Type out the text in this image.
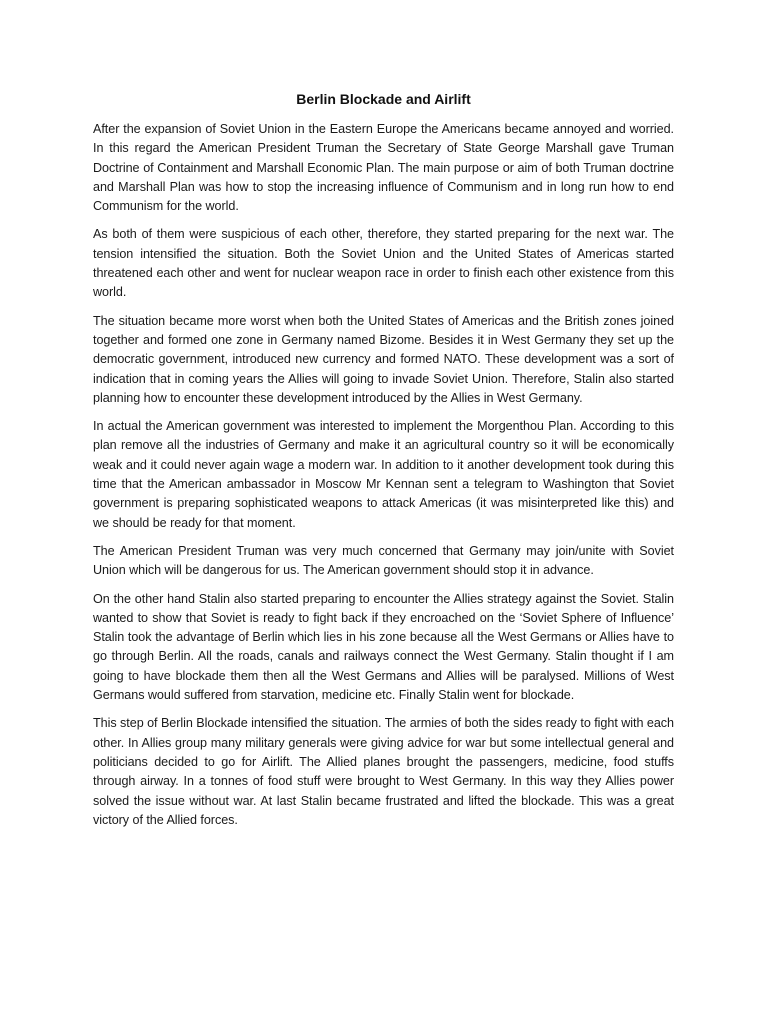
Berlin Blockade and Airlift

After the expansion of Soviet Union in the Eastern Europe the Americans became annoyed and worried. In this regard the American President Truman the Secretary of State George Marshall gave Truman Doctrine of Containment and Marshall Economic Plan. The main purpose or aim of both Truman doctrine and Marshall Plan was how to stop the increasing influence of Communism and in long run how to end Communism for the world.

As both of them were suspicious of each other, therefore, they started preparing for the next war. The tension intensified the situation. Both the Soviet Union and the United States of Americas started threatened each other and went for nuclear weapon race in order to finish each other existence from this world.

The situation became more worst when both the United States of Americas and the British zones joined together and formed one zone in Germany named Bizome. Besides it in West Germany they set up the democratic government, introduced new currency and formed NATO. These development was a sort of indication that in coming years the Allies will going to invade Soviet Union. Therefore, Stalin also started planning how to encounter these development introduced by the Allies in West Germany.

In actual the American government was interested to implement the Morgenthou Plan. According to this plan remove all the industries of Germany and make it an agricultural country so it will be economically weak and it could never again wage a modern war. In addition to it another development took during this time that the American ambassador in Moscow Mr Kennan sent a telegram to Washington that Soviet government is preparing sophisticated weapons to attack Americas (it was misinterpreted like this) and we should be ready for that moment.

The American President Truman was very much concerned that Germany may join/unite with Soviet Union which will be dangerous for us. The American government should stop it in advance.

On the other hand Stalin also started preparing to encounter the Allies strategy against the Soviet. Stalin wanted to show that Soviet is ready to fight back if they encroached on the ‘Soviet Sphere of Influence’ Stalin took the advantage of Berlin which lies in his zone because all the West Germans or Allies have to go through Berlin. All the roads, canals and railways connect the West Germany. Stalin thought if I am going to have blockade them then all the West Germans and Allies will be paralysed. Millions of West Germans would suffered from starvation, medicine etc. Finally Stalin went for blockade.

This step of Berlin Blockade intensified the situation. The armies of both the sides ready to fight with each other. In Allies group many military generals were giving advice for war but some intellectual general and politicians decided to go for Airlift. The Allied planes brought the passengers, medicine, food stuffs through airway. In a tonnes of food stuff were brought to West Germany. In this way they Allies power solved the issue without war. At last Stalin became frustrated and lifted the blockade. This was a great victory of the Allied forces.
